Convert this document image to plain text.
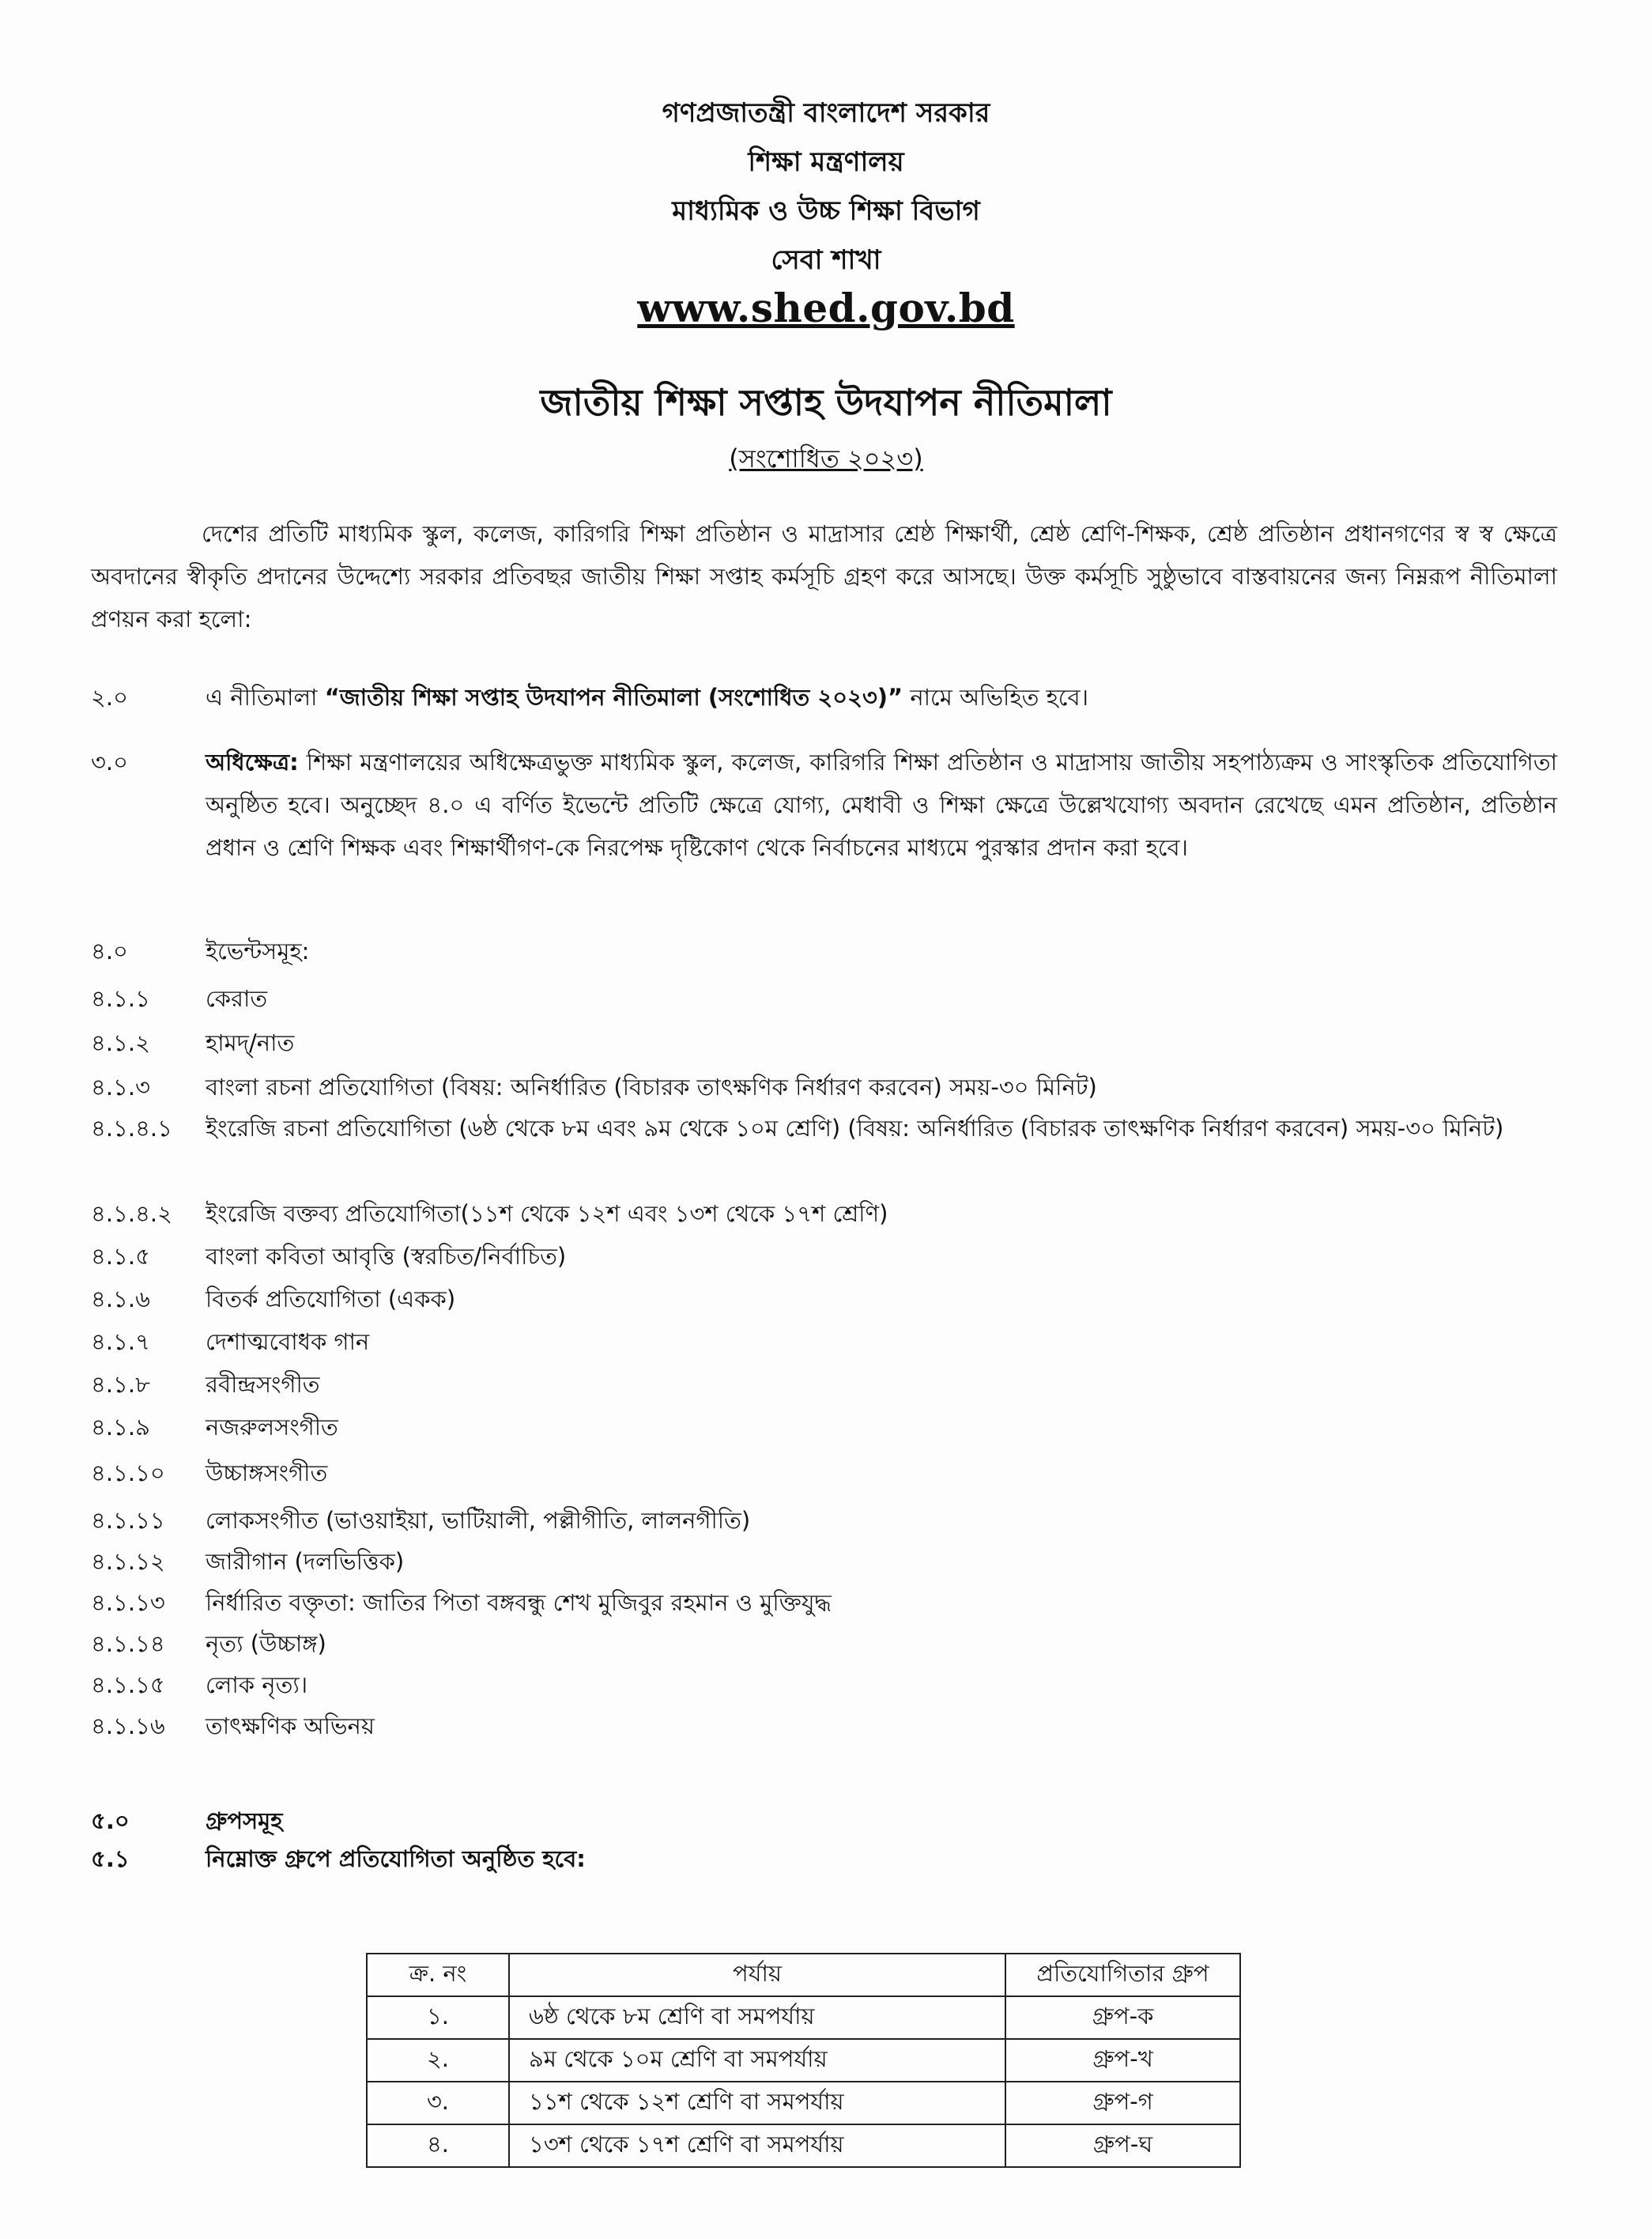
গণপ্রজাতন্ত্রী বাংলাদেশ সরকার
শিক্ষা মন্ত্রণালয়
মাধ্যমিক ও উচ্চ শিক্ষা বিভাগ
সেবা শাখা
www.shed.gov.bd
জাতীয় শিক্ষা সপ্তাহ উদযাপন নীতিমালা
(সংশোধিত ২০২৩)
দেশের প্রতিটি মাধ্যমিক স্কুল, কলেজ, কারিগরি শিক্ষা প্রতিষ্ঠান ও মাদ্রাসার শ্রেষ্ঠ শিক্ষার্থী, শ্রেষ্ঠ শ্রেণি-শিক্ষক, শ্রেষ্ঠ প্রতিষ্ঠান প্রধানগণের স্ব স্ব ক্ষেত্রে অবদানের স্বীকৃতি প্রদানের উদ্দেশ্যে সরকার প্রতিবছর জাতীয় শিক্ষা সপ্তাহ কর্মসূচি গ্রহণ করে আসছে। উক্ত কর্মসূচি সুষ্ঠুভাবে বাস্তবায়নের জন্য নিম্নরূপ নীতিমালা প্রণয়ন করা হলো:
২.০	এ নীতিমালা “জাতীয় শিক্ষা সপ্তাহ উদযাপন নীতিমালা (সংশোধিত ২০২৩)” নামে অভিহিত হবে।
৩.০	অধিক্ষেত্র: শিক্ষা মন্ত্রণালয়ের অধিক্ষেত্রভুক্ত মাধ্যমিক স্কুল, কলেজ, কারিগরি শিক্ষা প্রতিষ্ঠান ও মাদ্রাসায় জাতীয় সহপাঠ্যক্রম ও সাংস্কৃতিক প্রতিযোগিতা অনুষ্ঠিত হবে। অনুচ্ছেদ ৪.০ এ বর্ণিত ইভেন্টে প্রতিটি ক্ষেত্রে যোগ্য, মেধাবী ও শিক্ষা ক্ষেত্রে উল্লেখযোগ্য অবদান রেখেছে এমন প্রতিষ্ঠান, প্রতিষ্ঠান প্রধান ও শ্রেণি শিক্ষক এবং শিক্ষার্থীগণ-কে নিরপেক্ষ দৃষ্টিকোণ থেকে নির্বাচনের মাধ্যমে পুরস্কার প্রদান করা হবে।
৪.০	ইভেন্টসমূহ:
৪.১.১	কেরাত
৪.১.২	হামদ্/নাত
৪.১.৩	বাংলা রচনা প্রতিযোগিতা (বিষয়: অনির্ধারিত (বিচারক তাৎক্ষণিক নির্ধারণ করবেন) সময়-৩০ মিনিট)
৪.১.৪.১	ইংরেজি রচনা প্রতিযোগিতা (৬ষ্ঠ থেকে ৮ম এবং ৯ম থেকে ১০ম শ্রেণি) (বিষয়: অনির্ধারিত (বিচারক তাৎক্ষণিক নির্ধারণ করবেন) সময়-৩০ মিনিট)
৪.১.৪.২	ইংরেজি বক্তব্য প্রতিযোগিতা(১১শ থেকে ১২শ এবং ১৩শ থেকে ১৭শ শ্রেণি)
৪.১.৫	বাংলা কবিতা আবৃত্তি (স্বরচিত/নির্বাচিত)
৪.১.৬	বিতর্ক প্রতিযোগিতা (একক)
৪.১.৭	দেশাত্মবোধক গান
৪.১.৮	রবীন্দ্রসংগীত
৪.১.৯	নজরুলসংগীত
৪.১.১০	উচ্চাঙ্গসংগীত
৪.১.১১	লোকসংগীত (ভাওয়াইয়া, ভাটিয়ালী, পল্লীগীতি, লালনগীতি)
৪.১.১২	জারীগান (দলভিত্তিক)
৪.১.১৩	নির্ধারিত বক্তৃতা: জাতির পিতা বঙ্গবন্ধু শেখ মুজিবুর রহমান ও মুক্তিযুদ্ধ
৪.১.১৪	নৃত্য (উচ্চাঙ্গ)
৪.১.১৫	লোক নৃত্য।
৪.১.১৬	তাৎক্ষণিক অভিনয়
৫.০	গ্রুপসমূহ
৫.১	নিম্নোক্ত গ্রুপে প্রতিযোগিতা অনুষ্ঠিত হবে:
ক্র. নং	পর্যায়	প্রতিযোগিতার গ্রুপ
১.	৬ষ্ঠ থেকে ৮ম শ্রেণি বা সমপর্যায়	গ্রুপ-ক
২.	৯ম থেকে ১০ম শ্রেণি বা সমপর্যায়	গ্রুপ-খ
৩.	১১শ থেকে ১২শ শ্রেণি বা সমপর্যায়	গ্রুপ-গ
৪.	১৩শ থেকে ১৭শ শ্রেণি বা সমপর্যায়	গ্রুপ-ঘ
